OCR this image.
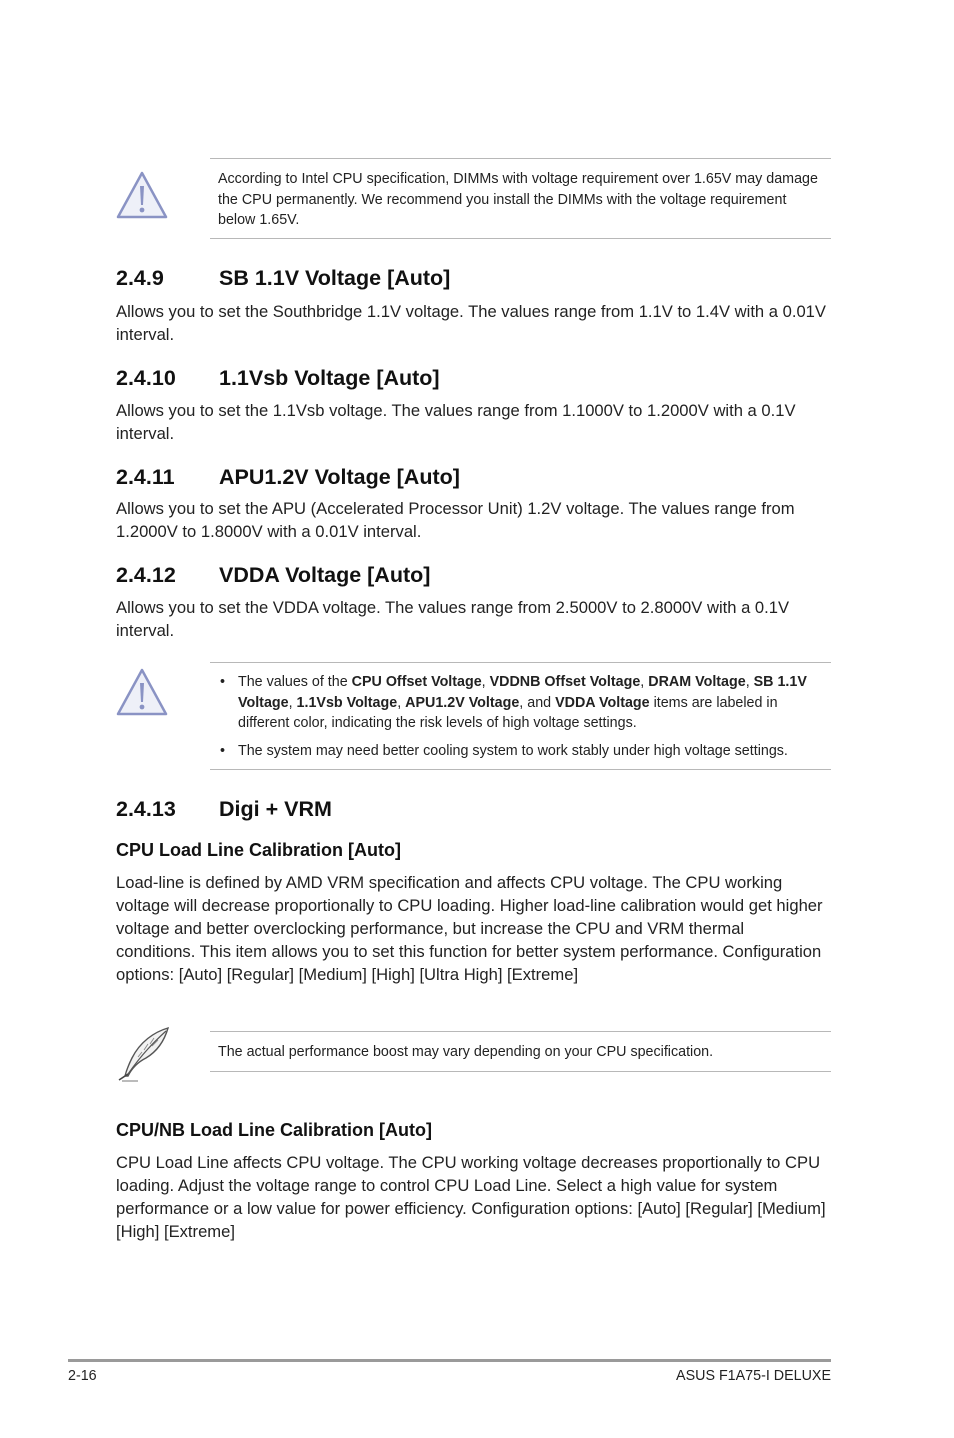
According to Intel CPU specification, DIMMs with voltage requirement over 1.65V may damage the CPU permanently. We recommend you install the DIMMs with the voltage requirement below 1.65V.
2.4.9	SB 1.1V Voltage [Auto]
Allows you to set the Southbridge 1.1V voltage. The values range from 1.1V to 1.4V with a 0.01V interval.
2.4.10 1.1Vsb Voltage [Auto]
Allows you to set the 1.1Vsb voltage. The values range from 1.1000V to 1.2000V with a 0.1V interval.
2.4.11 APU1.2V Voltage [Auto]
Allows you to set the APU (Accelerated Processor Unit) 1.2V voltage. The values range from 1.2000V to 1.8000V with a 0.01V interval.
2.4.12 VDDA Voltage [Auto]
Allows you to set the VDDA voltage. The values range from 2.5000V to 2.8000V with a 0.1V interval.
• The values of the CPU Offset Voltage, VDDNB Offset Voltage, DRAM Voltage, SB 1.1V Voltage, 1.1Vsb Voltage, APU1.2V Voltage, and VDDA Voltage items are labeled in different color, indicating the risk levels of high voltage settings.
• The system may need better cooling system to work stably under high voltage settings.
2.4.13 Digi + VRM
CPU Load Line Calibration [Auto]
Load-line is defined by AMD VRM specification and affects CPU voltage. The CPU working voltage will decrease proportionally to CPU loading. Higher load-line calibration would get higher voltage and better overclocking performance, but increase the CPU and VRM thermal conditions. This item allows you to set this function for better system performance. Configuration options: [Auto] [Regular] [Medium] [High] [Ultra High] [Extreme]
The actual performance boost may vary depending on your CPU specification.
CPU/NB Load Line Calibration [Auto]
CPU Load Line affects CPU voltage. The CPU working voltage decreases proportionally to CPU loading. Adjust the voltage range to control CPU Load Line. Select a high value for system performance or a low value for power efficiency. Configuration options: [Auto] [Regular] [Medium] [High] [Extreme]
2-16	ASUS F1A75-I DELUXE
